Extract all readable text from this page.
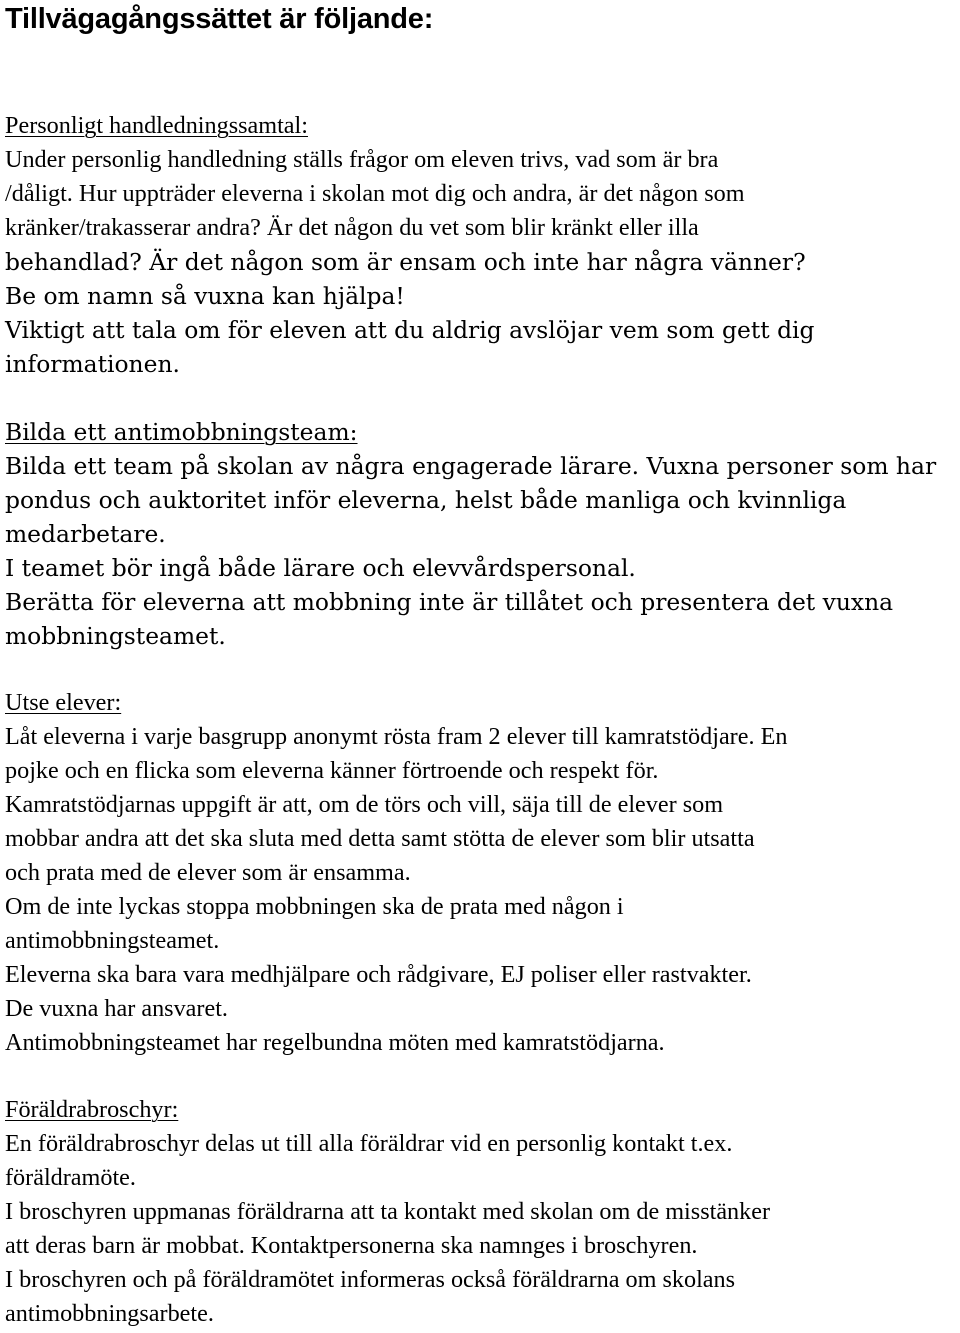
Tillvägagångssättet är följande:
Personligt handledningssamtal:
Under personlig handledning ställs frågor om eleven trivs, vad som är bra
/dåligt. Hur uppträder eleverna i skolan mot dig och andra, är det någon som
kränker/trakasserar andra? Är det någon du vet som blir kränkt eller illa
behandlad? Är det någon som är ensam och inte har några vänner?
Be om namn så vuxna kan hjälpa!
Viktigt att tala om för eleven att du aldrig avslöjar vem som gett dig
informationen.
Bilda ett antimobbningsteam:
Bilda ett team på skolan av några engagerade lärare. Vuxna personer som har
pondus och auktoritet inför eleverna, helst både manliga och kvinnliga
medarbetare.
I teamet bör ingå både lärare och elevvårdspersonal.
Berätta för eleverna att mobbning inte är tillåtet och presentera det vuxna
mobbningsteamet.
Utse elever:
Låt eleverna i varje basgrupp anonymt rösta fram 2 elever till kamratstödjare. En
pojke och en flicka som eleverna känner förtroende och respekt för.
Kamratstödjarnas uppgift är att, om de törs och vill, säja till de elever som
mobbar andra att det ska sluta med detta samt stötta de elever som blir utsatta
och prata med de elever som är ensamma.
Om de inte lyckas stoppa mobbningen ska de prata med någon i
antimobbningsteamet.
Eleverna ska bara vara medhjälpare och rådgivare, EJ poliser eller rastvakter.
De vuxna har ansvaret.
Antimobbningsteamet har regelbundna möten med kamratstödjarna.
Föräldrabroschyr:
En föräldrabroschyr delas ut till alla föräldrar vid en personlig kontakt t.ex.
föräldramöte.
I broschyren uppmanas föräldrarna att ta kontakt med skolan om de misstänker
att deras barn är mobbat. Kontaktpersonerna ska namnges i broschyren.
I broschyren och på föräldramötet informeras också föräldrarna om skolans
antimobbningsarbete.
